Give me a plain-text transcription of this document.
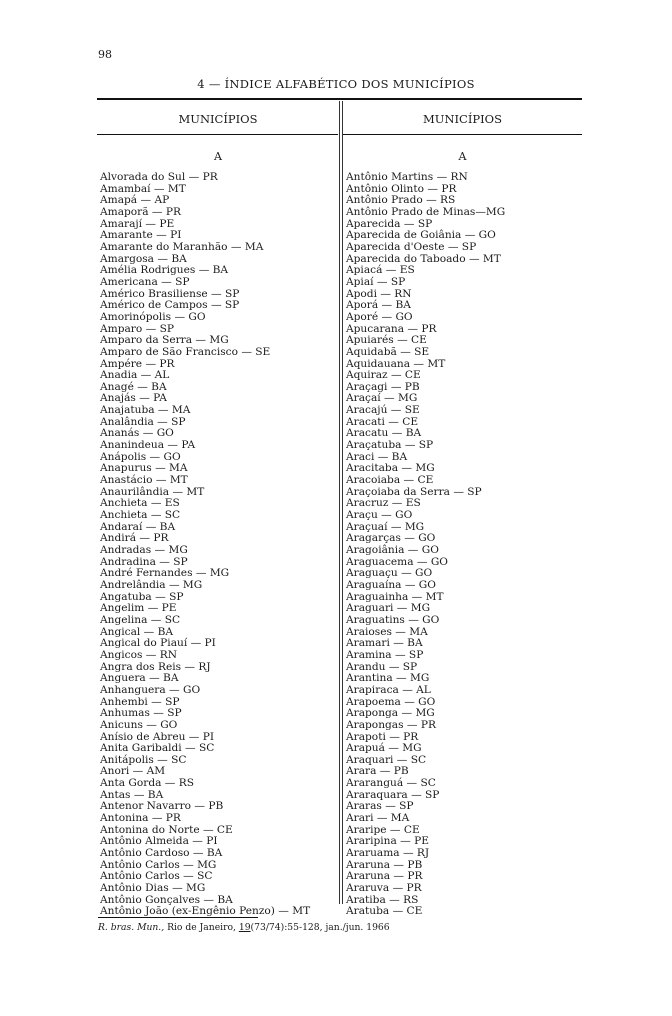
98
4 — ÍNDICE ALFABÉTICO DOS MUNICÍPIOS
MUNICÍPIOS	MUNICÍPIOS
A	A
Alvorada do Sul — PR
Amambaí — MT
Amapá — AP
Amaporã — PR
Amarají — PE
Amarante — PI
Amarante do Maranhão — MA
Amargosa — BA
Amélia Rodrigues — BA
Americana — SP
Américo Brasiliense — SP
Américo de Campos — SP
Amorinópolis — GO
Amparo — SP
Amparo da Serra — MG
Amparo de São Francisco — SE
Ampére — PR
Anadia — AL
Anagé — BA
Anajás — PA
Anajatuba — MA
Analândia — SP
Ananás — GO
Ananindeua — PA
Anápolis — GO
Anapurus — MA
Anastácio — MT
Anaurilândia — MT
Anchieta — ES
Anchieta — SC
Andaraí — BA
Andirá — PR
Andradas — MG
Andradina — SP
André Fernandes — MG
Andrelândia — MG
Angatuba — SP
Angelim — PE
Angelina — SC
Angical — BA
Angical do Piauí — PI
Angicos — RN
Angra dos Reis — RJ
Anguera — BA
Anhanguera — GO
Anhembi — SP
Anhumas — SP
Anicuns — GO
Anísio de Abreu — PI
Anita Garibaldi — SC
Anitápolis — SC
Anori — AM
Anta Gorda — RS
Antas — BA
Antenor Navarro — PB
Antonina — PR
Antonina do Norte — CE
Antônio Almeida — PI
Antônio Cardoso — BA
Antônio Carlos — MG
Antônio Carlos — SC
Antônio Dias — MG
Antônio Gonçalves — BA
Antônio João (ex-Engênio Penzo) — MT
Antônio Martins — RN
Antônio Olinto — PR
Antônio Prado — RS
Antônio Prado de Minas—MG
Aparecida — SP
Aparecida de Goiânia — GO
Aparecida d'Oeste — SP
Aparecida do Taboado — MT
Apiacá — ES
Apiaí — SP
Apodi — RN
Aporá — BA
Aporé — GO
Apucarana — PR
Apuiarés — CE
Aquidabã — SE
Aquidauana — MT
Aquiraz — CE
Araçagi — PB
Araçaí — MG
Aracajú — SE
Aracati — CE
Aracatu — BA
Araçatuba — SP
Araci — BA
Aracitaba — MG
Aracoiaba — CE
Araçoiaba da Serra — SP
Aracruz — ES
Araçu — GO
Araçuaí — MG
Aragarças — GO
Aragoiânia — GO
Araguacema — GO
Araguaçu — GO
Araguaína — GO
Araguainha — MT
Araguari — MG
Araguatins — GO
Araioses — MA
Aramari — BA
Aramina — SP
Arandu — SP
Arantina — MG
Arapiraca — AL
Arapoema — GO
Araponga — MG
Arapongas — PR
Arapoti — PR
Arapuá — MG
Araquari — SC
Arara — PB
Araranguá — SC
Araraquara — SP
Araras — SP
Arari — MA
Araripe — CE
Araripina — PE
Araruama — RJ
Araruna — PB
Araruna — PR
Araruva — PR
Aratiba — RS
Aratuba — CE
R. bras. Mun., Rio de Janeiro, 19(73/74):55-128, jan./jun. 1966
